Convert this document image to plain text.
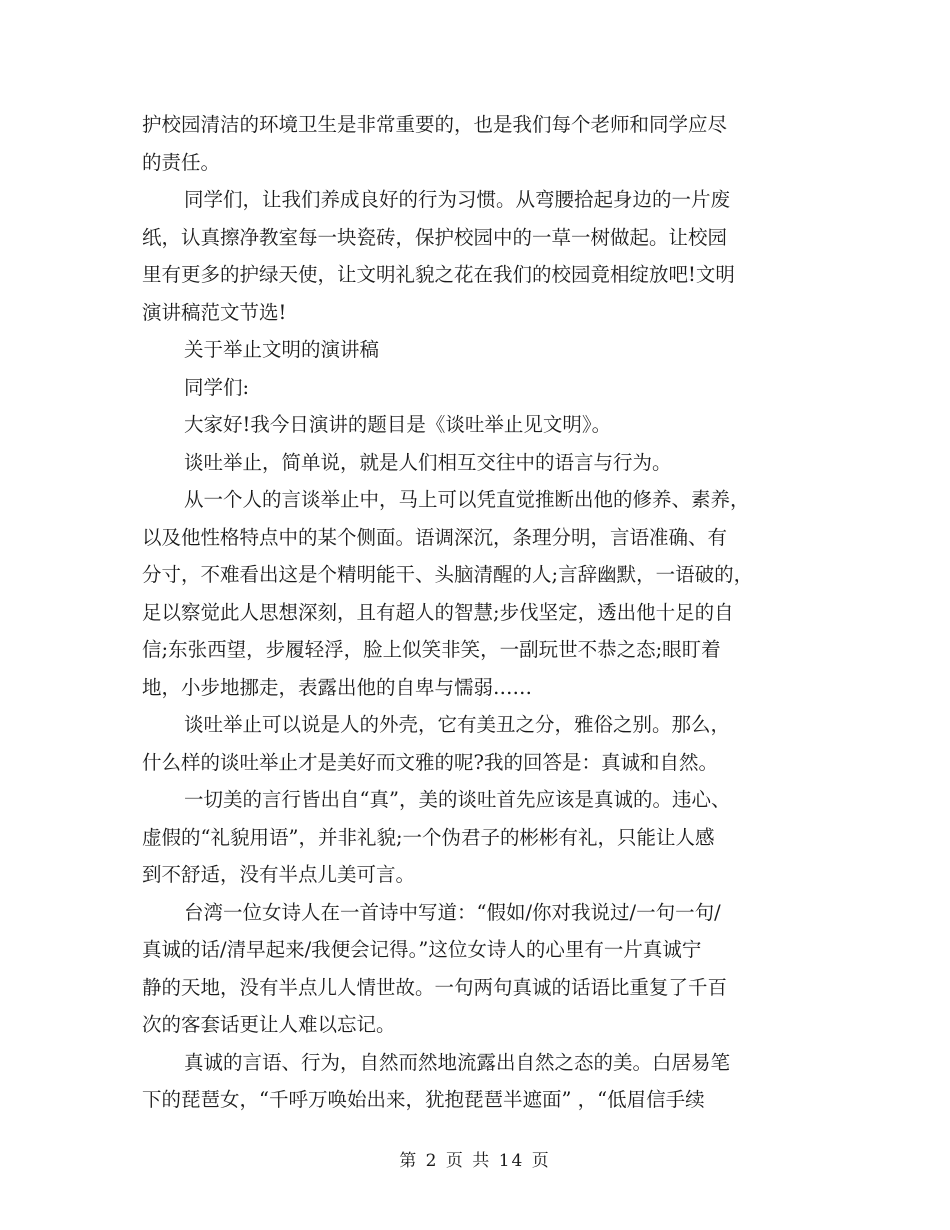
护校园清洁的环境卫生是非常重要的，也是我们每个老师和同学应尽
的责任。
同学们，让我们养成良好的行为习惯。从弯腰拾起身边的一片废
纸，认真擦净教室每一块瓷砖，保护校园中的一草一树做起。让校园
里有更多的护绿天使，让文明礼貌之花在我们的校园竟相绽放吧!文明
演讲稿范文节选!
关于举止文明的演讲稿
同学们:
大家好!我今日演讲的题目是《谈吐举止见文明》。
谈吐举止，简单说，就是人们相互交往中的语言与行为。
从一个人的言谈举止中，马上可以凭直觉推断出他的修养、素养，
以及他性格特点中的某个侧面。语调深沉，条理分明，言语准确、有
分寸，不难看出这是个精明能干、头脑清醒的人;言辞幽默，一语破的，
足以察觉此人思想深刻，且有超人的智慧;步伐坚定，透出他十足的自
信;东张西望，步履轻浮，脸上似笑非笑，一副玩世不恭之态;眼盯着
地，小步地挪走，表露出他的自卑与懦弱……
谈吐举止可以说是人的外壳，它有美丑之分，雅俗之别。那么，
什么样的谈吐举止才是美好而文雅的呢?我的回答是：真诚和自然。
一切美的言行皆出自“真”，美的谈吐首先应该是真诚的。违心、
虚假的“礼貌用语”，并非礼貌;一个伪君子的彬彬有礼，只能让人感
到不舒适，没有半点儿美可言。
台湾一位女诗人在一首诗中写道：“假如/你对我说过/一句一句/
真诚的话/清早起来/我便会记得。”这位女诗人的心里有一片真诚宁
静的天地，没有半点儿人情世故。一句两句真诚的话语比重复了千百
次的客套话更让人难以忘记。
真诚的言语、行为，自然而然地流露出自然之态的美。白居易笔
下的琵琶女，“千呼万唤始出来，犹抱琵琶半遮面” ，“低眉信手续
第 2 页 共 14 页
